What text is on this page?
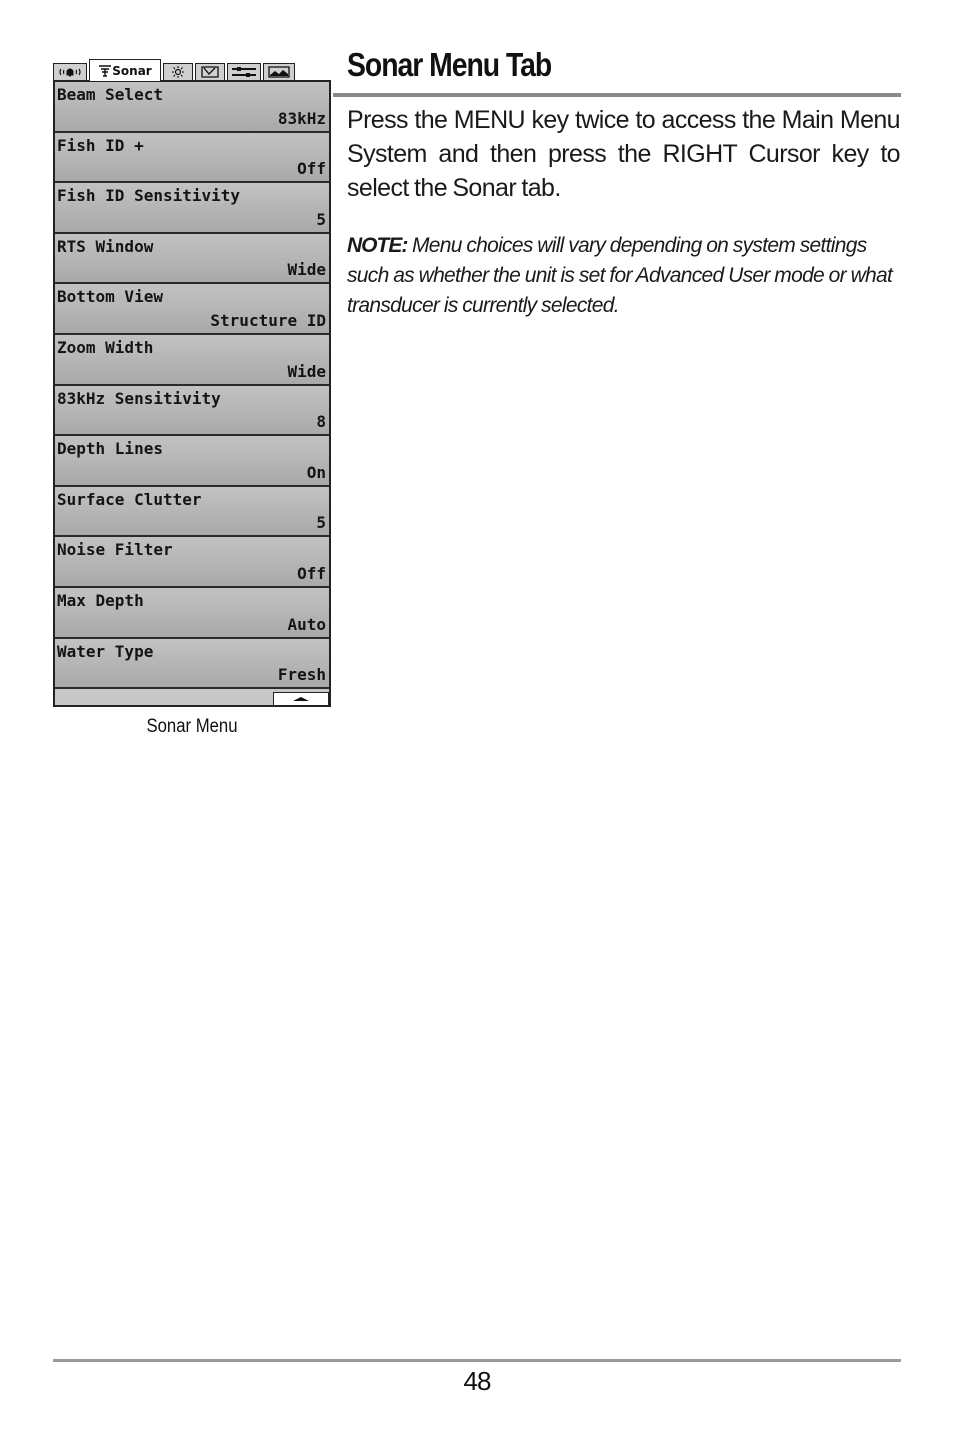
Sonar
Beam Select
83kHz
Fish ID +
Off
Fish ID Sensitivity
5
RTS Window
Wide
Bottom View
Structure ID
Zoom Width
Wide
83kHz Sensitivity
8
Depth Lines
On
Surface Clutter
5
Noise Filter
Off
Max Depth
Auto
Water Type
Fresh
Sonar Menu
Sonar Menu Tab

Press the MENU key twice to access the Main Menu System and then press the RIGHT Cursor key to select the Sonar tab.

NOTE: Menu choices will vary depending on system settings such as whether the unit is set for Advanced User mode or what transducer is currently selected.

48
